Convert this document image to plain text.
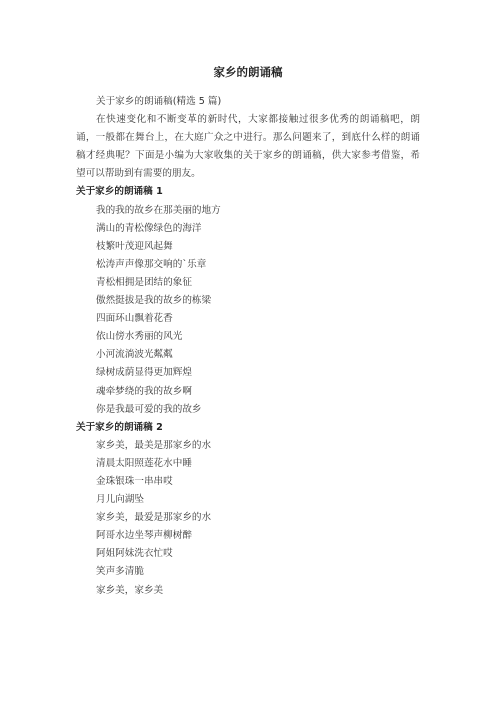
家乡的朗诵稿

关于家乡的朗诵稿(精选 5 篇)

在快速变化和不断变革的新时代，大家都接触过很多优秀的朗诵稿吧，朗诵，一般都在舞台上，在大庭广众之中进行。那么问题来了，到底什么样的朗诵稿才经典呢？下面是小编为大家收集的关于家乡的朗诵稿，供大家参考借鉴，希望可以帮助到有需要的朋友。

关于家乡的朗诵稿 1

我的我的故乡在那美丽的地方

满山的青松像绿色的海洋

枝繁叶茂迎风起舞

松涛声声像那交响的`乐章

青松相拥是团结的象征

傲然挺拔是我的故乡的栋梁

四面环山飘着花香

依山傍水秀丽的风光

小河流淌波光粼粼

绿树成荫显得更加辉煌

魂牵梦绕的我的故乡啊

你是我最可爱的我的故乡

关于家乡的朗诵稿 2

家乡美，最美是那家乡的水

清晨太阳照莲花水中睡

金珠银珠一串串哎

月儿向湖坠

家乡美，最爱是那家乡的水

阿哥水边坐琴声柳树醉

阿姐阿妹洗衣忙哎

笑声多清脆

家乡美，家乡美
